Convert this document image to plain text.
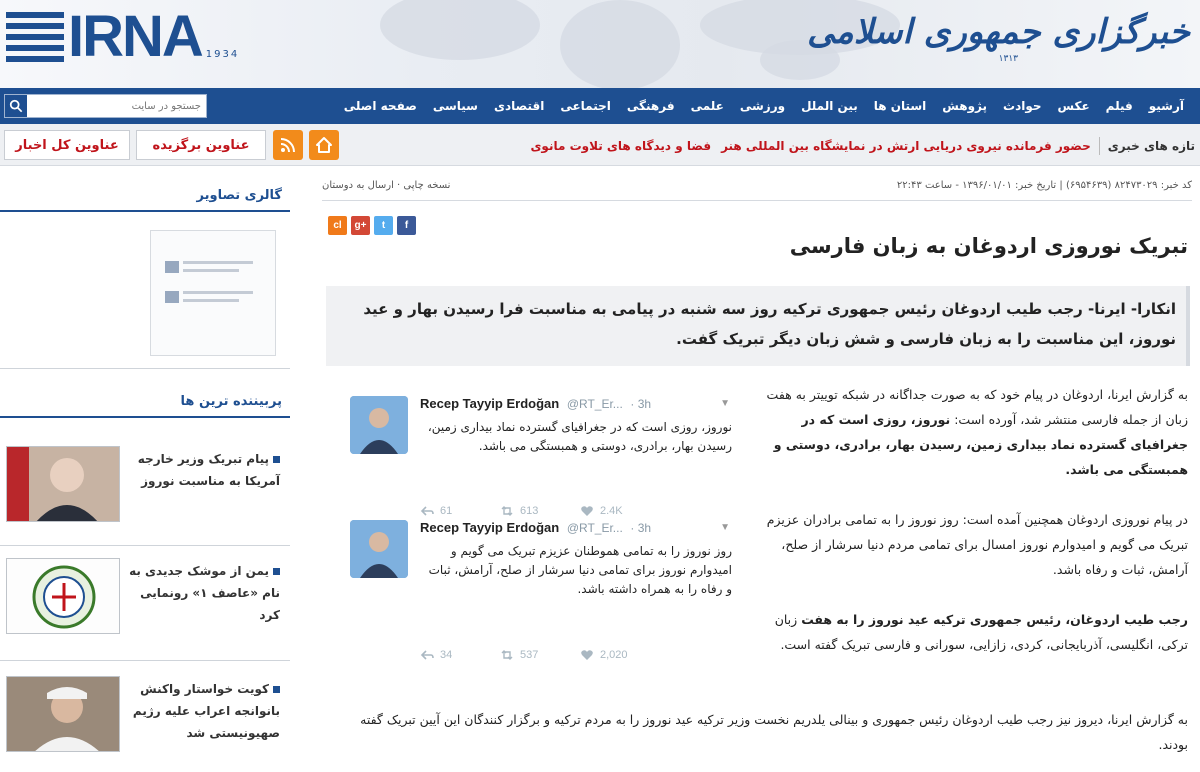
IRNA 1934
خبرگزاری جمهوری اسلامی
۱۳۱۳
صفحه اصلی	سیاسی	اقتصادی	اجتماعی	فرهنگی	علمی	ورزشی	بین الملل	استان ها	پژوهش	حوادث	عکس	فیلم	آرشیو
جستجو در سایت
عناوین کل اخبار	عناوین برگزیده	تازه های خبری
حضور فرمانده نیروی دریایی ارتش در نمایشگاه بین المللی هنر
فضا و دیدگاه های تلاوت مانوی
گالری تصاویر
پربیننده ترین ها
پیام تبریک وزیر خارجه آمریکا به مناسبت نوروز
یمن از موشک جدیدی به نام «عاصف ۱» رونمایی کرد
کویت خواستار واکنش بانوانجه اعراب علیه رژیم صهیونیستی شد
کد خبر: ۸۲۴۷۳۰۲۹ (۶۹۵۴۶۳۹) | تاریخ خبر: ۱۳۹۶/۰۱/۰۱ - ساعت ۲۲:۴۳
نسخه چاپی · ارسال به دوستان
cl	g+	t	f
تبریک نوروزی اردوغان به زبان فارسی
انکارا- ایرنا- رجب طیب اردوغان رئیس جمهوری ترکیه روز سه شنبه در پیامی به مناسبت فرا رسیدن بهار و عید نوروز، این مناسبت را به زبان فارسی و شش زبان دیگر تبریک گفت.
به گزارش ایرنا، اردوغان در پیام خود که به صورت جداگانه در شبکه توییتر به هفت زبان از جمله فارسی منتشر شد، آورده است: نوروز، روزی است که در جغرافیای گسترده نماد بیداری زمین، رسیدن بهار، برادری، دوستی و همبستگی می باشد.
در پیام نوروزی اردوغان همچنین آمده است: روز نوروز را به تمامی برادران عزیزم تبریک می گویم و امیدوارم نوروز امسال برای تمامی مردم دنیا سرشار از صلح، آرامش، ثبات و رفاه باشد.
رجب طیب اردوغان، رئیس جمهوری ترکیه عید نوروز را به هفت زبان ترکی، انگلیسی، آذربایجانی، کردی، زازایی، سورانی و فارسی تبریک گفته است.
به گزارش ایرنا، دیروز نیز رجب طیب اردوغان رئیس جمهوری و بینالی یلدریم نخست وزیر ترکیه عید نوروز را به مردم ترکیه و برگزار کنندگان این آیین تبریک گفته بودند.
Recep Tayyip Erdoğan @RT_Er... · 3h	▼
نوروز، روزی است که در جغرافیای گسترده نماد بیداری زمین، رسیدن بهار، برادری، دوستی و همبستگی می باشد.
61	613	2.4K
Recep Tayyip Erdoğan @RT_Er... · 3h	▼
روز نوروز را به تمامی هموطنان عزیزم تبریک می گویم و امیدوارم نوروز برای تمامی دنیا سرشار از صلح، آرامش، ثبات و رفاه را به همراه داشته باشد.
34	537	2,020
